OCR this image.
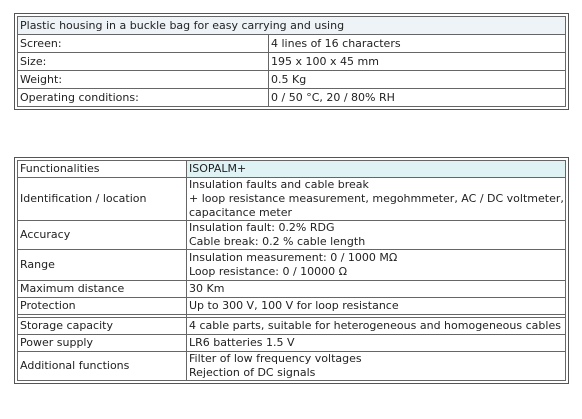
Plastic housing in a buckle bag for easy carrying and using	
Screen:	4 lines of 16 characters
Size:	195 x 100 x 45 mm
Weight:	0.5 Kg
Operating conditions:	0 / 50 °C, 20 / 80% RH
Functionalities	ISOPALM+
Identification / location	Insulation faults and cable break
+ loop resistance measurement, megohmmeter, AC / DC voltmeter,
capacitance meter

Accuracy	Insulation fault: 0.2% RDG
Cable break: 0.2 % cable length

Range	Insulation measurement: 0 / 1000 MΩ
Loop resistance: 0 / 10000 Ω

Maximum distance	30 Km
Protection	Up to 300 V, 100 V for loop resistance

Storage capacity	4 cable parts, suitable for heterogeneous and homogeneous cables
Power supply	LR6 batteries 1.5 V
Additional functions	Filter of low frequency voltages
Rejection of DC signals
